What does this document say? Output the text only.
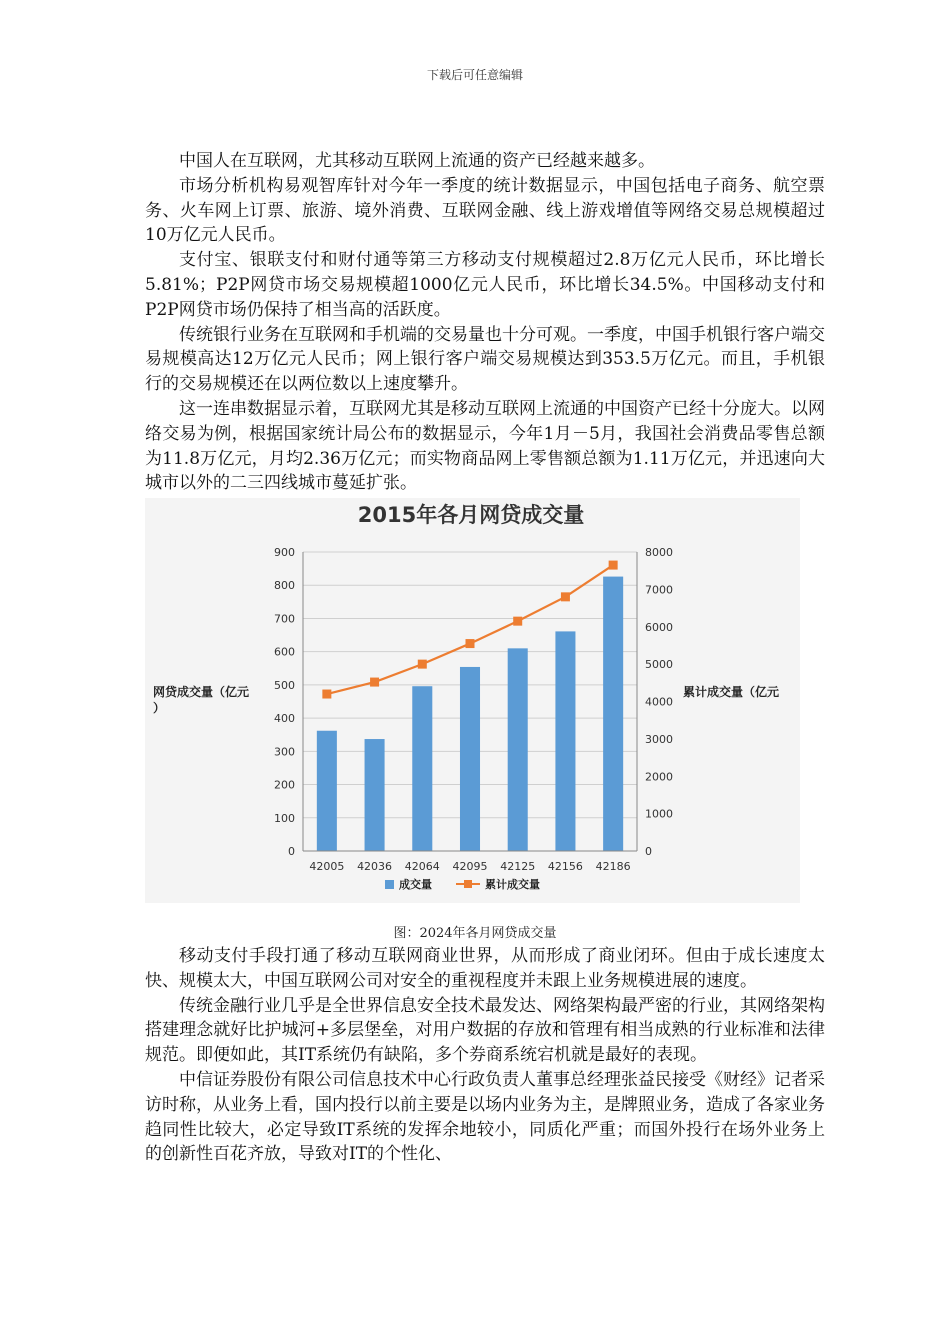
下载后可任意编辑

中国人在互联网，尤其移动互联网上流通的资产已经越来越多。

市场分析机构易观智库针对今年一季度的统计数据显示，中国包括电子商务、航空票务、火车网上订票、旅游、境外消费、互联网金融、线上游戏增值等网络交易总规模超过10万亿元人民币。

支付宝、银联支付和财付通等第三方移动支付规模超过2.8万亿元人民币，环比增长5.81%；P2P网贷市场交易规模超1000亿元人民币，环比增长34.5%。中国移动支付和P2P网贷市场仍保持了相当高的活跃度。

传统银行业务在互联网和手机端的交易量也十分可观。一季度，中国手机银行客户端交易规模高达12万亿元人民币；网上银行客户端交易规模达到353.5万亿元。而且，手机银行的交易规模还在以两位数以上速度攀升。

这一连串数据显示着，互联网尤其是移动互联网上流通的中国资产已经十分庞大。以网络交易为例，根据国家统计局公布的数据显示，今年1月－5月，我国社会消费品零售总额为11.8万亿元，月均2.36万亿元；而实物商品网上零售额总额为1.11万亿元，并迅速向大城市以外的二三四线城市蔓延扩张。

2015年各月网贷成交量
0
100
200
300
400
500
600
700
800
900
0
1000
2000
3000
4000
5000
6000
7000
8000
42005 42036 42064 42095 42125 42156 42186
网贷成交量（亿元 ）
累计成交量（亿元
成交量	累计成交量
图：2024年各月网贷成交量

移动支付手段打通了移动互联网商业世界，从而形成了商业闭环。但由于成长速度太快、规模太大，中国互联网公司对安全的重视程度并未跟上业务规模进展的速度。

传统金融行业几乎是全世界信息安全技术最发达、网络架构最严密的行业，其网络架构搭建理念就好比护城河+多层堡垒，对用户数据的存放和管理有相当成熟的行业标准和法律规范。即便如此，其IT系统仍有缺陷，多个券商系统宕机就是最好的表现。

中信证券股份有限公司信息技术中心行政负责人董事总经理张益民接受《财经》记者采访时称，从业务上看，国内投行以前主要是以场内业务为主，是牌照业务，造成了各家业务趋同性比较大，必定导致IT系统的发挥余地较小，同质化严重；而国外投行在场外业务上的创新性百花齐放，导致对IT的个性化、
